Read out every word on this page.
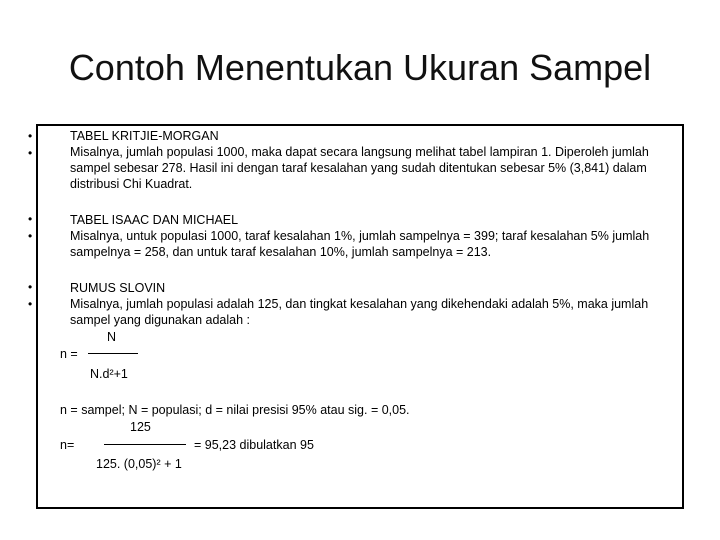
Contoh Menentukan Ukuran Sampel
•
•
•
•
•
•
TABEL KRITJIE-MORGAN
Misalnya, jumlah populasi 1000, maka dapat secara langsung melihat tabel lampiran 1. Diperoleh jumlah sampel sebesar 278. Hasil ini dengan taraf kesalahan yang sudah ditentukan sebesar 5% (3,841) dalam distribusi Chi Kuadrat.
TABEL ISAAC DAN MICHAEL
Misalnya, untuk populasi 1000, taraf kesalahan 1%, jumlah sampelnya = 399; taraf kesalahan 5% jumlah sampelnya = 258, dan untuk taraf kesalahan 10%, jumlah sampelnya = 213.
RUMUS SLOVIN
Misalnya, jumlah populasi adalah 125, dan tingkat kesalahan yang dikehendaki adalah 5%, maka jumlah sampel yang digunakan adalah :
N
n =
N.d²+1
n = sampel; N = populasi; d = nilai presisi 95% atau sig. = 0,05.
125
n=	= 95,23 dibulatkan 95
125. (0,05)² + 1
